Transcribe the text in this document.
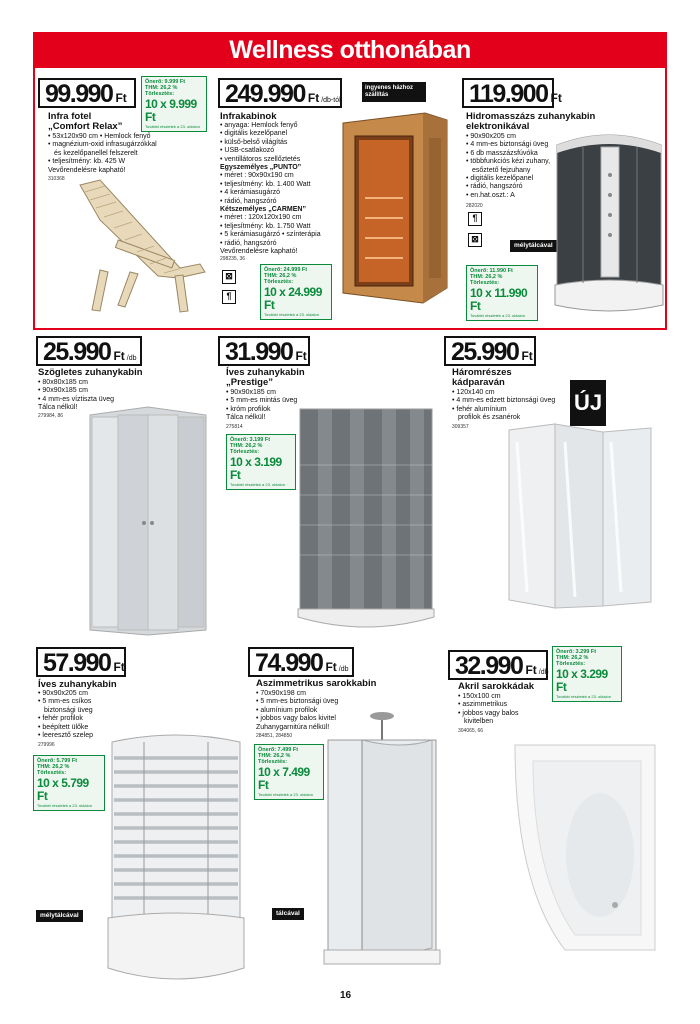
Wellness otthonában
99.990 Ft
Önerő: 9.999 Ft
THM: 26,2 %
Törlesztés:
10 x 9.999 Ft
További részletek a 23. oldalon
Infra fotel
„Comfort Relax”
• 53x120x90 cm • Hemlock fenyő
• magnézium-oxid infrasugárzókkal
és kezelőpanellel felszerelt
• teljesítmény: kb. 425 W
Vevőrendelésre kapható!
310368
249.990 Ft /db-tól
ingyenes házhoz szállítás
Infrakabinok
• anyaga: Hemlock fenyő
• digitális kezelőpanel
• külső-belső világítás
• USB-csatlakozó
• ventillátoros szellőztetés
Egyszemélyes „PUNTO”
• méret : 90x90x190 cm
• teljesítmény: kb. 1.400 Watt
• 4 kerámiasugárzó
• rádió, hangszóró
Kétszemélyes „CARMEN”
• méret : 120x120x190 cm
• teljesítmény: kb. 1.750 Watt
• 5 kerámiasugárzó • színterápia
• rádió, hangszóró
Vevőrendelésre kapható!
298235, 36
⊠
¶
Önerő: 24.999 Ft
THM: 26,2 %
Törlesztés:
10 x 24.999 Ft
További részletek a 23. oldalon
119.900 Ft
Hidromasszázs zuhanykabin
elektronikával
• 90x90x205 cm
• 4 mm-es biztonsági üveg
• 6 db masszázsfúvóka
• többfunkciós kézi zuhany,
esőztető fejzuhany
• digitális kezelőpanel
• rádió, hangszóró
• en.hat.oszt.: A
282020
¶
⊠
mélytálcával
Önerő: 11.990 Ft
THM: 26,2 %
Törlesztés:
10 x 11.990 Ft
További részletek a 23. oldalon
25.990 Ft /db
Szögletes zuhanykabin
• 80x80x185 cm
• 90x90x185 cm
• 4 mm-es víztiszta üveg
Tálca nélkül!
279984, 86
31.990 Ft
Íves zuhanykabin
„Prestige”
• 90x90x185 cm
• 5 mm-es mintás üveg
• króm profilok
Tálca nélkül!
275814
Önerő: 3.199 Ft
THM: 26,2 %
Törlesztés:
10 x 3.199 Ft
További részletek a 23. oldalon
25.990 Ft
Háromrészes
kádparaván
• 120x140 cm
• 4 mm-es edzett biztonsági üveg
• fehér alumínium
profilok és zsanérok
309357
ÚJ
57.990 Ft
Íves zuhanykabin
• 90x90x205 cm
• 5 mm-es csíkos
biztonsági üveg
• fehér profilok
• beépített ülőke
• leeresztő szelep
279996
Önerő: 5.799 Ft
THM: 26,2 %
Törlesztés:
10 x 5.799 Ft
További részletek a 23. oldalon
mélytálcával
74.990 Ft /db
Aszimmetrikus sarokkabin
• 70x90x198 cm
• 5 mm-es biztonsági üveg
• alumínium profilok
• jobbos vagy balos kivitel
Zuhanygarnitúra nélkül!
284851, 284850
Önerő: 7.499 Ft
THM: 26,2 %
Törlesztés:
10 x 7.499 Ft
További részletek a 23. oldalon
tálcával
32.990 Ft /db
Önerő: 3.299 Ft
THM: 26,2 %
Törlesztés:
10 x 3.299 Ft
További részletek a 23. oldalon
Akril sarokkádak
• 150x100 cm
• aszimmetrikus
• jobbos vagy balos
kivitelben
304065, 66
16
